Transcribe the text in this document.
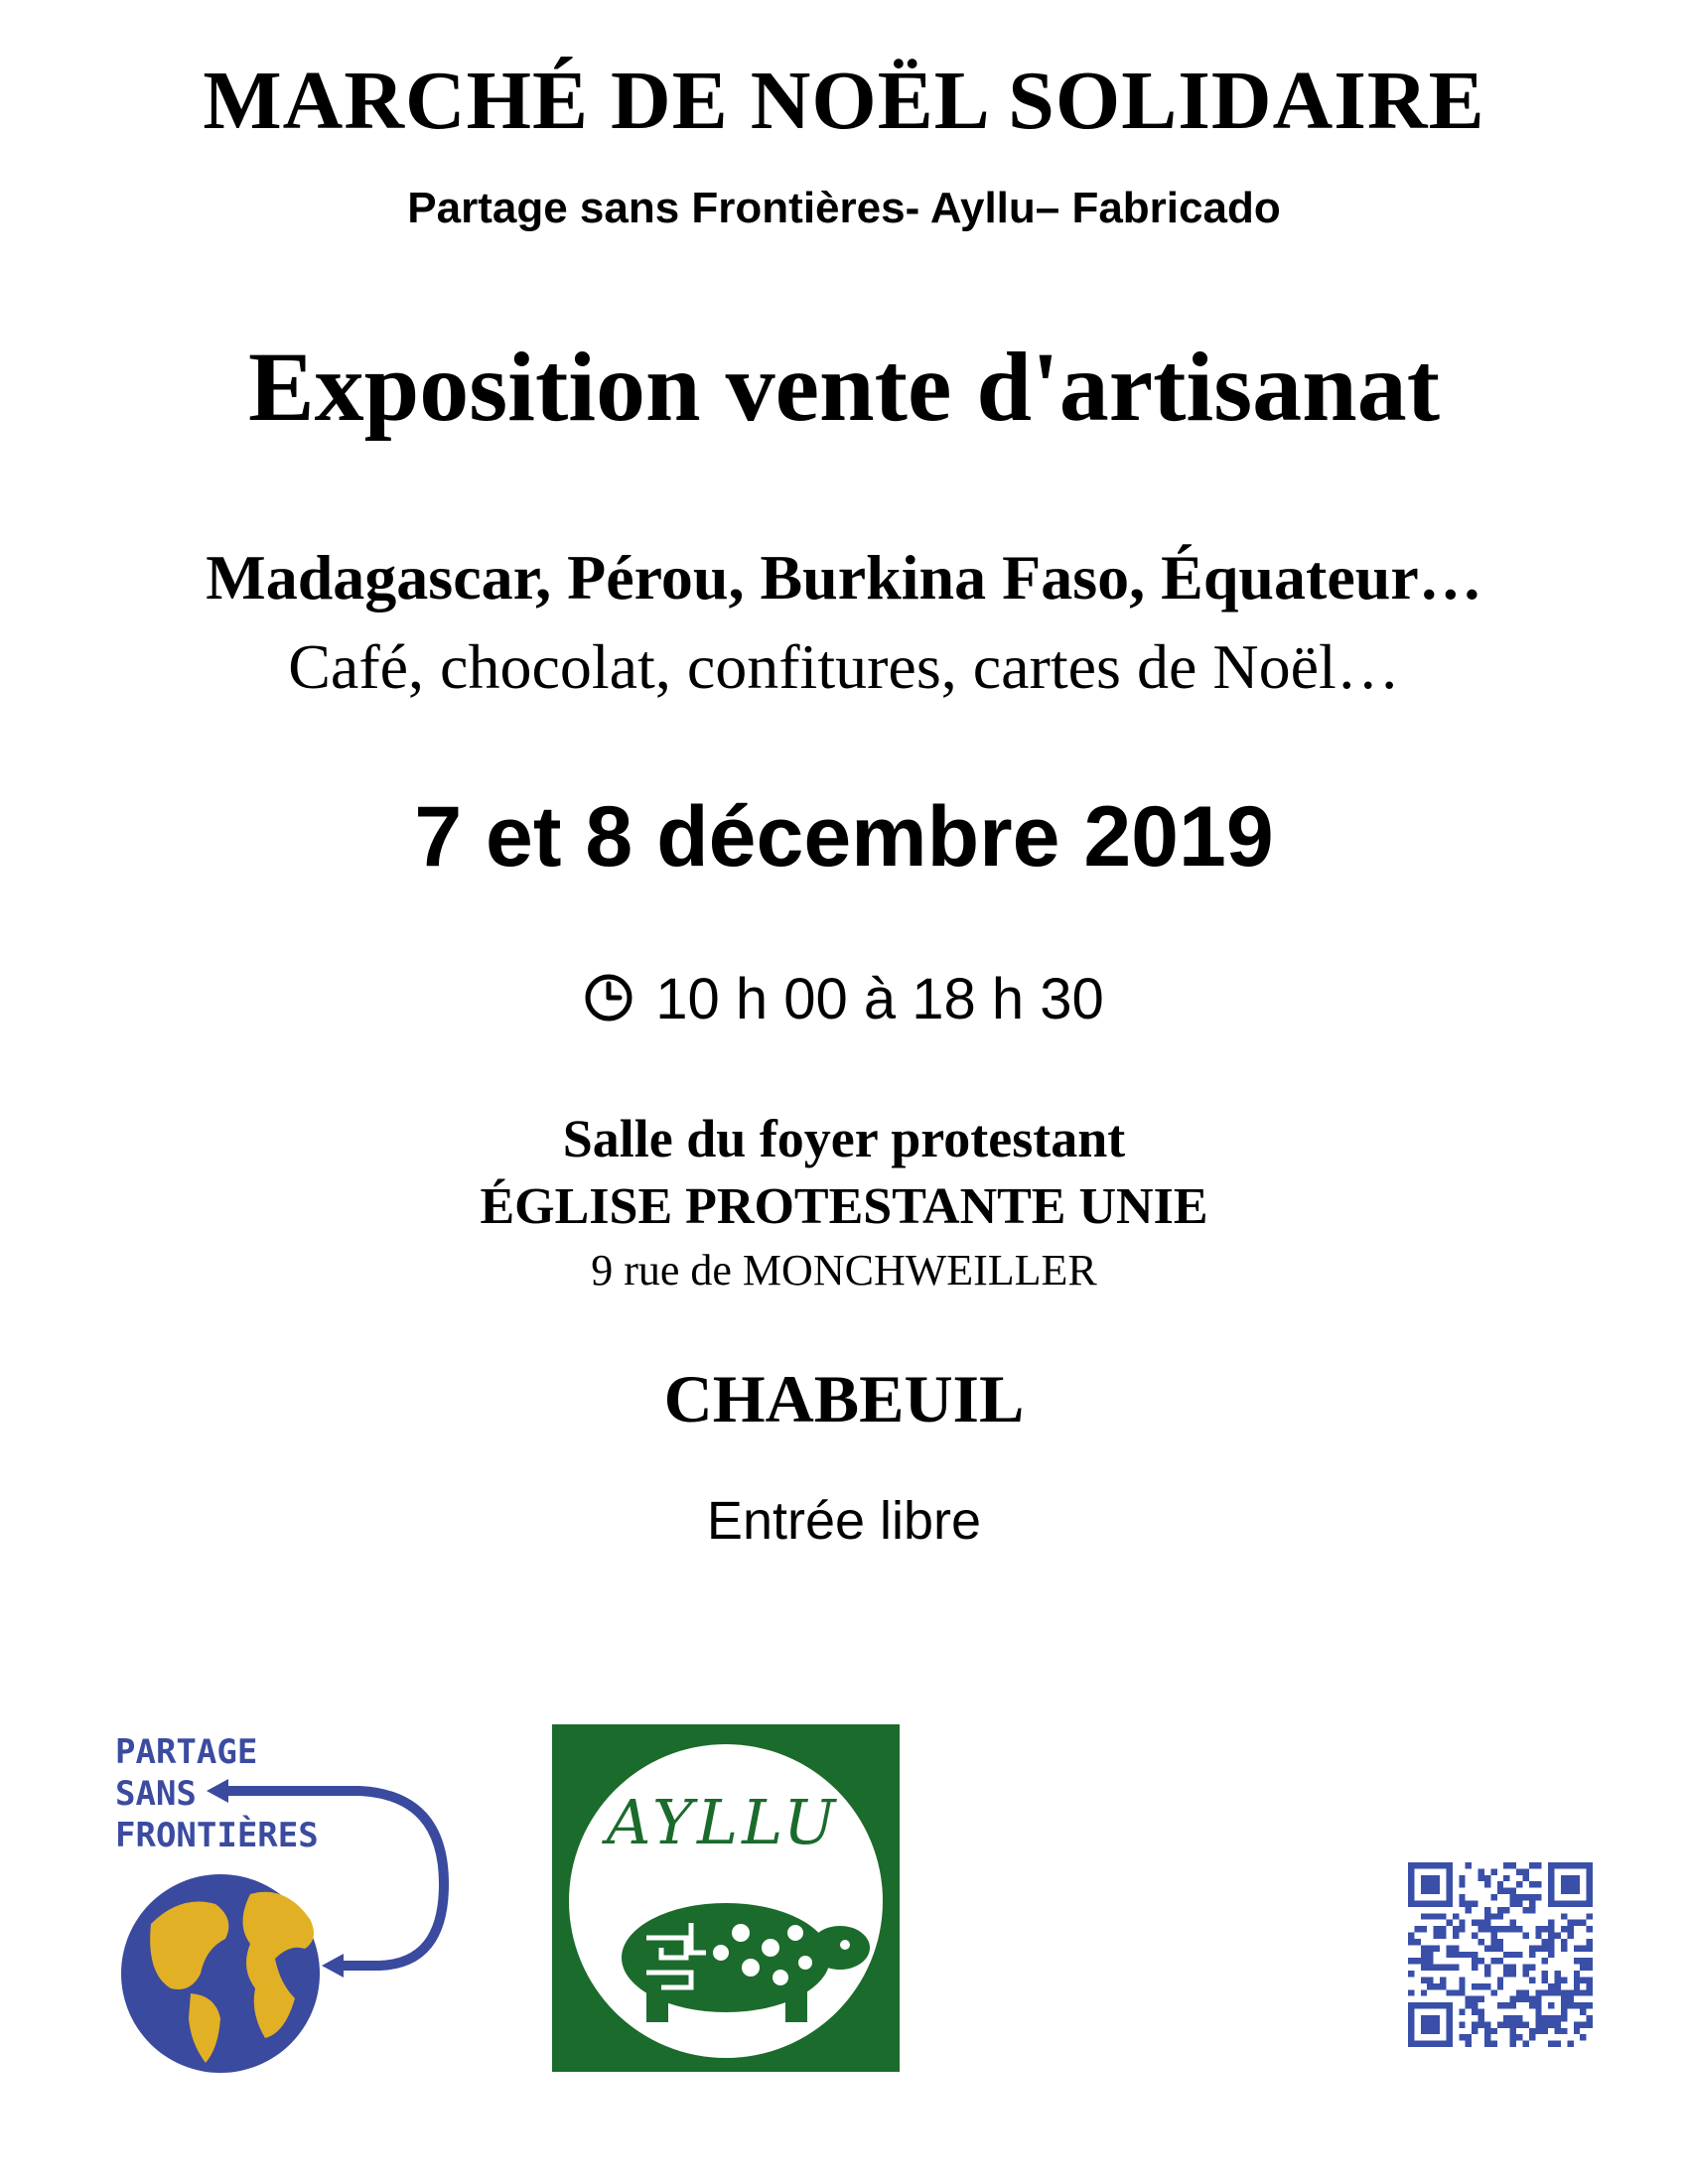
MARCHÉ DE NOËL SOLIDAIRE
Partage sans Frontières- Ayllu– Fabricado
Exposition vente d'artisanat
Madagascar, Pérou, Burkina Faso, Équateur…
Café, chocolat, confitures, cartes de Noël…
7 et 8 décembre 2019
10 h 00 à 18 h 30
Salle du foyer protestant
ÉGLISE PROTESTANTE UNIE
9 rue de MONCHWEILLER
CHABEUIL
Entrée libre
PARTAGE
SANS
FRONTIÈRES	AYLLU
